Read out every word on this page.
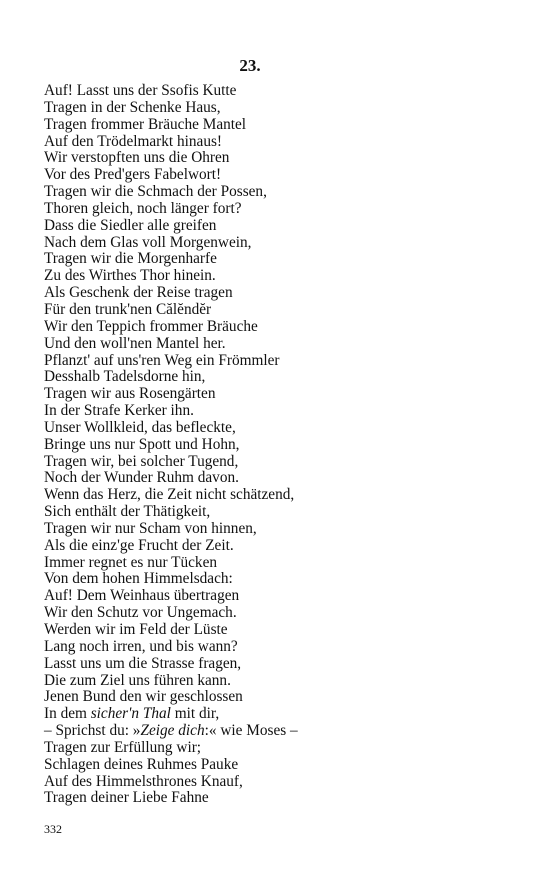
23.
Auf! Lasst uns der Ssofis Kutte
Tragen in der Schenke Haus,
Tragen frommer Bräuche Mantel
Auf den Trödelmarkt hinaus!
Wir verstopften uns die Ohren
Vor des Pred'gers Fabelwort!
Tragen wir die Schmach der Possen,
Thoren gleich, noch länger fort?
Dass die Siedler alle greifen
Nach dem Glas voll Morgenwein,
Tragen wir die Morgenharfe
Zu des Wirthes Thor hinein.
Als Geschenk der Reise tragen
Für den trunk'nen Călĕndĕr
Wir den Teppich frommer Bräuche
Und den woll'nen Mantel her.
Pflanzt' auf uns'ren Weg ein Frömmler
Desshalb Tadelsdorne hin,
Tragen wir aus Rosengärten
In der Strafe Kerker ihn.
Unser Wollkleid, das befleckte,
Bringe uns nur Spott und Hohn,
Tragen wir, bei solcher Tugend,
Noch der Wunder Ruhm davon.
Wenn das Herz, die Zeit nicht schätzend,
Sich enthält der Thätigkeit,
Tragen wir nur Scham von hinnen,
Als die einz'ge Frucht der Zeit.
Immer regnet es nur Tücken
Von dem hohen Himmelsdach:
Auf! Dem Weinhaus übertragen
Wir den Schutz vor Ungemach.
Werden wir im Feld der Lüste
Lang noch irren, und bis wann?
Lasst uns um die Strasse fragen,
Die zum Ziel uns führen kann.
Jenen Bund den wir geschlossen
In dem sicher'n Thal mit dir,
– Sprichst du: »Zeige dich:« wie Moses –
Tragen zur Erfüllung wir;
Schlagen deines Ruhmes Pauke
Auf des Himmelsthrones Knauf,
Tragen deiner Liebe Fahne
332
